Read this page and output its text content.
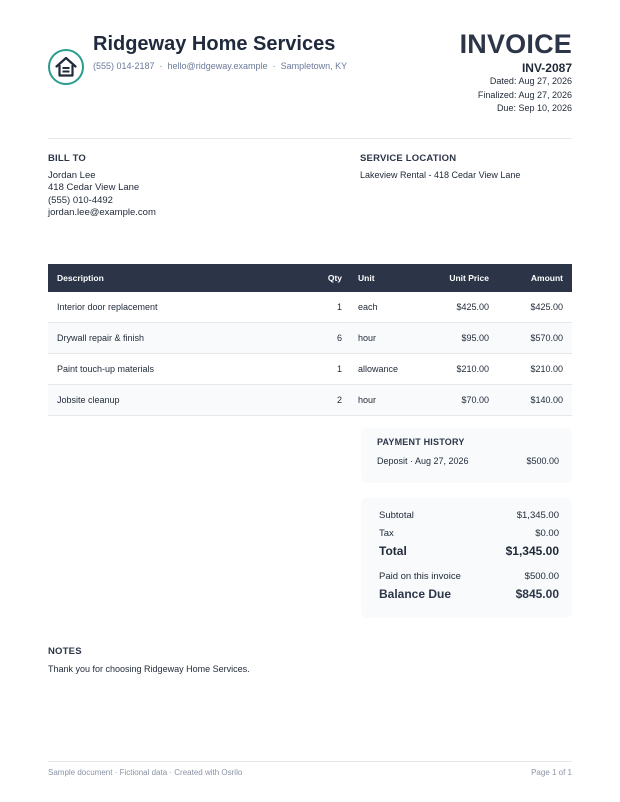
Ridgeway Home Services
(555) 014-2187 · hello@ridgeway.example · Sampletown, KY
INVOICE
INV-2087
Dated: Aug 27, 2026
Finalized: Aug 27, 2026
Due: Sep 10, 2026
BILL TO
Jordan Lee
418 Cedar View Lane
(555) 010-4492
jordan.lee@example.com
SERVICE LOCATION
Lakeview Rental - 418 Cedar View Lane
Description	Qty Unit	Unit Price	Amount
Interior door replacement	1 each	$425.00	$425.00
Drywall repair & finish	6 hour	$95.00	$570.00
Paint touch-up materials	1 allowance	$210.00	$210.00
Jobsite cleanup	2 hour	$70.00	$140.00
PAYMENT HISTORY
Deposit · Aug 27, 2026	$500.00
Subtotal	$1,345.00
Tax	$0.00
Total	$1,345.00
Paid on this invoice	$500.00
Balance Due	$845.00
NOTES
Thank you for choosing Ridgeway Home Services.
Sample document · Fictional data · Created with Osrilo	Page 1 of 1
